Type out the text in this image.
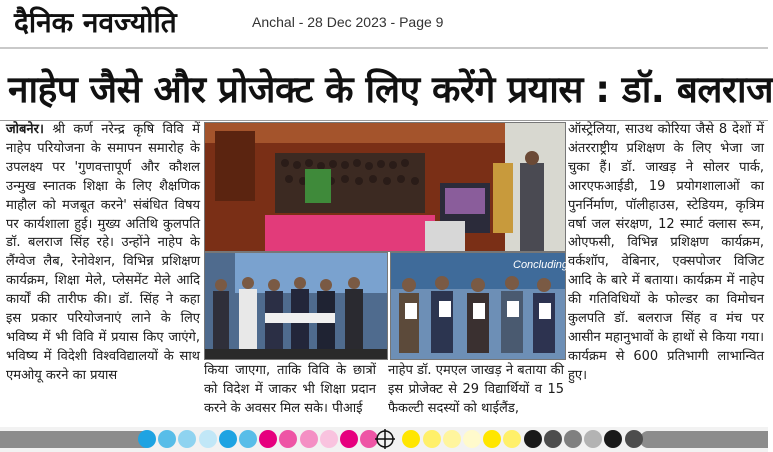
दैनिक नवज्योति	Anchal - 28 Dec 2023 - Page 9
नाहेप जैसे और प्रोजेक्ट के लिए करेंगे प्रयास : डॉ. बलराज

जोबनेर। श्री कर्ण नरेन्द्र कृषि विवि में नाहेप परियोजना के समापन समारोह के उपलक्ष्य पर 'गुणवत्तापूर्ण और कौशल उन्मुख स्नातक शिक्षा के लिए शैक्षणिक माहौल को मजबूत करने' संबंधित विषय पर कार्यशाला हुई। मुख्य अतिथि कुलपति डॉ. बलराज सिंह रहे। उन्होंने नाहेप के लैंग्वेज लैब, रेनोवेशन, विभिन्न प्रशिक्षण कार्यक्रम, शिक्षा मेले, प्लेसमेंट मेले आदि कार्यों की तारीफ की। डॉ. सिंह ने कहा इस प्रकार परियोजनाएं लाने के लिए भविष्य में भी विवि में प्रयास किए जाएंगे, भविष्य में विदेशी विश्वविद्यालयों के साथ एमओयू करने का प्रयास

Concluding W

किया जाएगा, ताकि विवि के छात्रों को विदेश में जाकर भी शिक्षा प्रदान करने के अवसर मिल सके। पीआई

नाहेप डॉ. एमएल जाखड़ ने बताया की इस प्रोजेक्ट से 29 विद्यार्थियों व 15 फैकल्टी सदस्यों को थाईलैंड,

ऑस्ट्रेलिया, साउथ कोरिया जैसे 8 देशों में अंतरराष्ट्रीय प्रशिक्षण के लिए भेजा जा चुका हैं। डॉ. जाखड़ ने सोलर पार्क, आरएफआईडी, 19 प्रयोगशालाओं का पुनर्निर्माण, पॉलीहाउस, स्टेडियम, कृत्रिम वर्षा जल संरक्षण, 12 स्मार्ट क्लास रूम, ओएफसी, विभिन्न प्रशिक्षण कार्यक्रम, वर्कशॉप, वेबिनार, एक्सपोजर विजिट आदि के बारे में बताया। कार्यक्रम में नाहेप की गतिविधियों के फोल्डर का विमोचन कुलपति डॉ. बलराज सिंह व मंच पर आसीन महानुभावों के हाथों से किया गया। कार्यक्रम से 600 प्रतिभागी लाभान्वित हुए।
